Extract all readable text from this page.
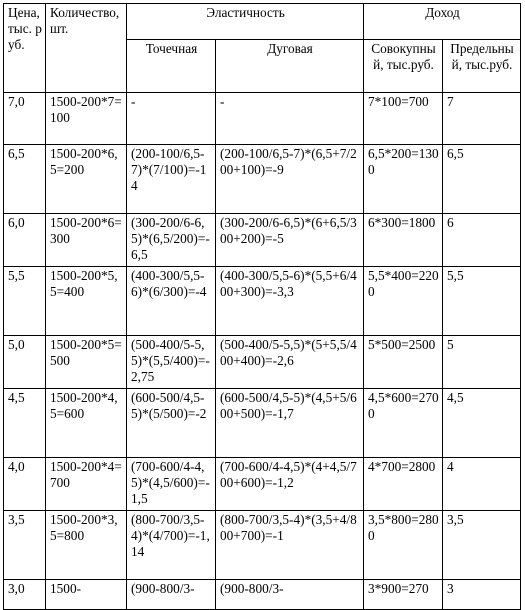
Цена, тыс. руб.	Количество, шт.	Эластичность		Доход	
		Точечная	Дуговая	Совокупный, тыс.руб.	Предельный, тыс.руб.
7,0	1500-200*7=100	-	-	7*100=700	7
6,5	1500-200*6,5=200	(200-100/6,5-7)*(7/100)=-14	(200-100/6,5-7)*(6,5+7/200+100)=-9	6,5*200=1300	6,5
6,0	1500-200*6=300	(300-200/6-6,5)*(6,5/200)=-6,5	(300-200/6-6,5)*(6+6,5/300+200)=-5	6*300=1800	6
5,5	1500-200*5,5=400	(400-300/5,5-6)*(6/300)=-4	(400-300/5,5-6)*(5,5+6/400+300)=-3,3	5,5*400=2200	5,5
5,0	1500-200*5=500	(500-400/5-5,5)*(5,5/400)=-2,75	(500-400/5-5,5)*(5+5,5/400+400)=-2,6	5*500=2500	5
4,5	1500-200*4,5=600	(600-500/4,5-5)*(5/500)=-2	(600-500/4,5-5)*(4,5+5/600+500)=-1,7	4,5*600=2700	4,5
4,0	1500-200*4=700	(700-600/4-4,5)*(4,5/600)=-1,5	(700-600/4-4,5)*(4+4,5/700+600)=-1,2	4*700=2800	4
3,5	1500-200*3,5=800	(800-700/3,5-4)*(4/700)=-1,14	(800-700/3,5-4)*(3,5+4/800+700)=-1	3,5*800=2800	3,5
3,0	1500-	(900-800/3-	(900-800/3-	3*900=270	3
